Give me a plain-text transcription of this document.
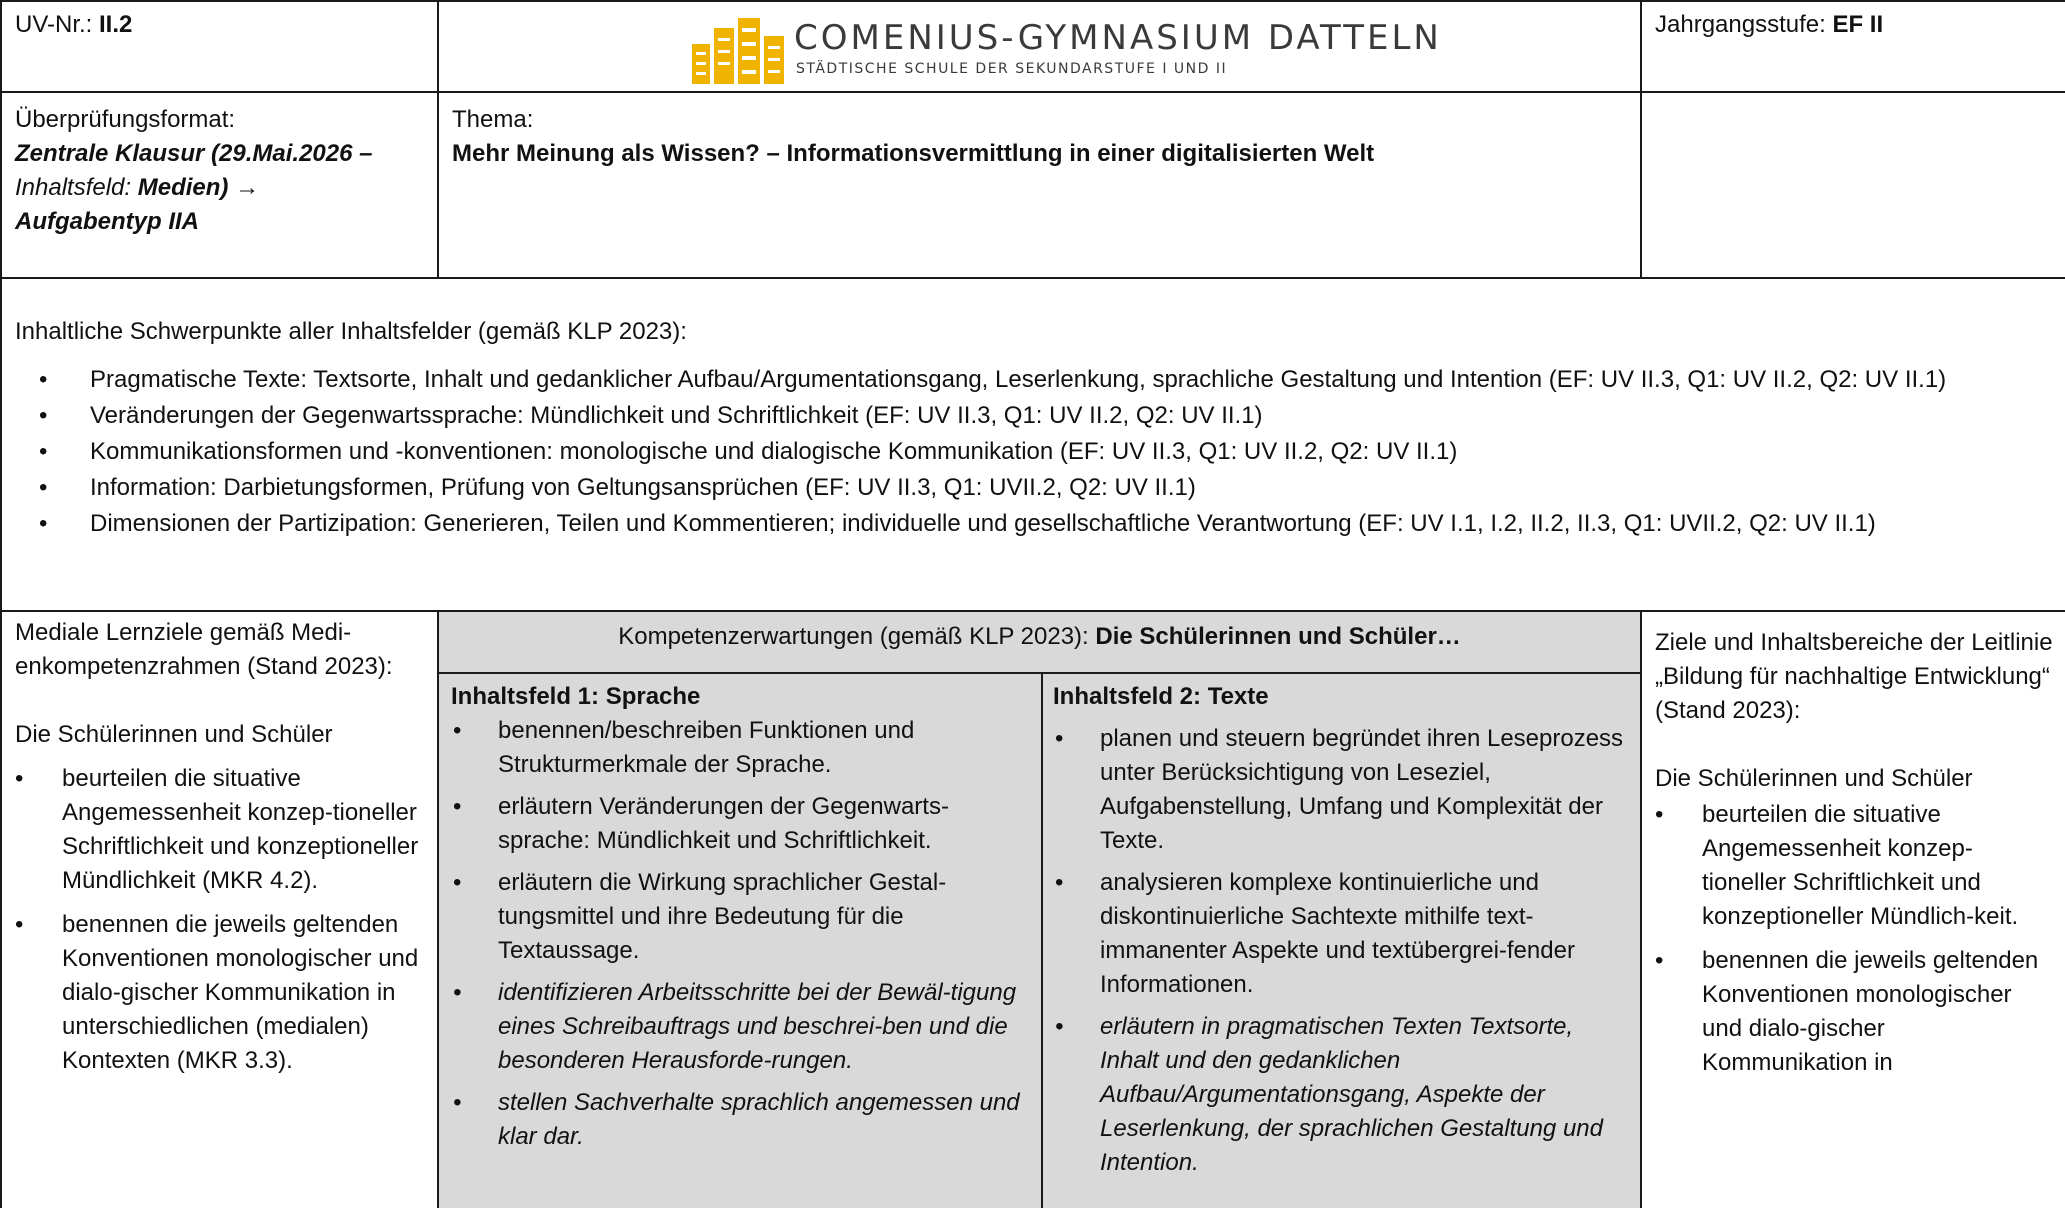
UV-Nr.: II.2	COMENIUS-GYMNASIUM DATTELN
STÄDTISCHE SCHULE DER SEKUNDARSTUFE I UND II
Jahrgangsstufe: EF II
Überprüfungsformat:
Zentrale Klausur (29.Mai.2026 –
Inhaltsfeld: Medien) →
Aufgabentyp IIA
Thema:
Mehr Meinung als Wissen? – Informationsvermittlung in einer digitalisierten Welt
Inhaltliche Schwerpunkte aller Inhaltsfelder (gemäß KLP 2023):
• Pragmatische Texte: Textsorte, Inhalt und gedanklicher Aufbau/Argumentationsgang, Leserlenkung, sprachliche Gestaltung und Intention (EF: UV II.3, Q1: UV II.2, Q2: UV II.1)
• Veränderungen der Gegenwartssprache: Mündlichkeit und Schriftlichkeit (EF: UV II.3, Q1: UV II.2, Q2: UV II.1)
• Kommunikationsformen und -konventionen: monologische und dialogische Kommunikation (EF: UV II.3, Q1: UV II.2, Q2: UV II.1)
• Information: Darbietungsformen, Prüfung von Geltungsansprüchen (EF: UV II.3, Q1: UVII.2, Q2: UV II.1)
• Dimensionen der Partizipation: Generieren, Teilen und Kommentieren; individuelle und gesellschaftliche Verantwortung (EF: UV I.1, I.2, II.2, II.3, Q1: UVII.2, Q2: UV II.1)
Mediale Lernziele gemäß Medi-enkompetenzrahmen (Stand 2023):
Die Schülerinnen und Schüler
• beurteilen die situative Angemessenheit konzep-tioneller Schriftlichkeit und konzeptioneller Mündlichkeit (MKR 4.2).
• benennen die jeweils geltenden Konventionen monologischer und dialo-gischer Kommunikation in unterschiedlichen (medialen) Kontexten (MKR 3.3).
Kompetenzerwartungen (gemäß KLP 2023): Die Schülerinnen und Schüler…
Inhaltsfeld 1: Sprache
• benennen/beschreiben Funktionen und Strukturmerkmale der Sprache.
• erläutern Veränderungen der Gegenwarts-sprache: Mündlichkeit und Schriftlichkeit.
• erläutern die Wirkung sprachlicher Gestal-tungsmittel und ihre Bedeutung für die Textaussage.
• identifizieren Arbeitsschritte bei der Bewäl-tigung eines Schreibauftrags und beschrei-ben und die besonderen Herausforde-rungen.
• stellen Sachverhalte sprachlich angemessen und klar dar.
Inhaltsfeld 2: Texte
• planen und steuern begründet ihren Leseprozess unter Berücksichtigung von Leseziel, Aufgabenstellung, Umfang und Komplexität der Texte.
• analysieren komplexe kontinuierliche und diskontinuierliche Sachtexte mithilfe text-immanenter Aspekte und textübergrei-fender Informationen.
• erläutern in pragmatischen Texten Textsorte, Inhalt und den gedanklichen Aufbau/Argumentationsgang, Aspekte der Leserlenkung, der sprachlichen Gestaltung und Intention.
Ziele und Inhaltsbereiche der Leitlinie „Bildung für nachhaltige Entwicklung“ (Stand 2023):
Die Schülerinnen und Schüler
• beurteilen die situative Angemessenheit konzep-tioneller Schriftlichkeit und konzeptioneller Mündlich-keit.
• benennen die jeweils geltenden Konventionen monologischer und dialo-gischer Kommunikation in
